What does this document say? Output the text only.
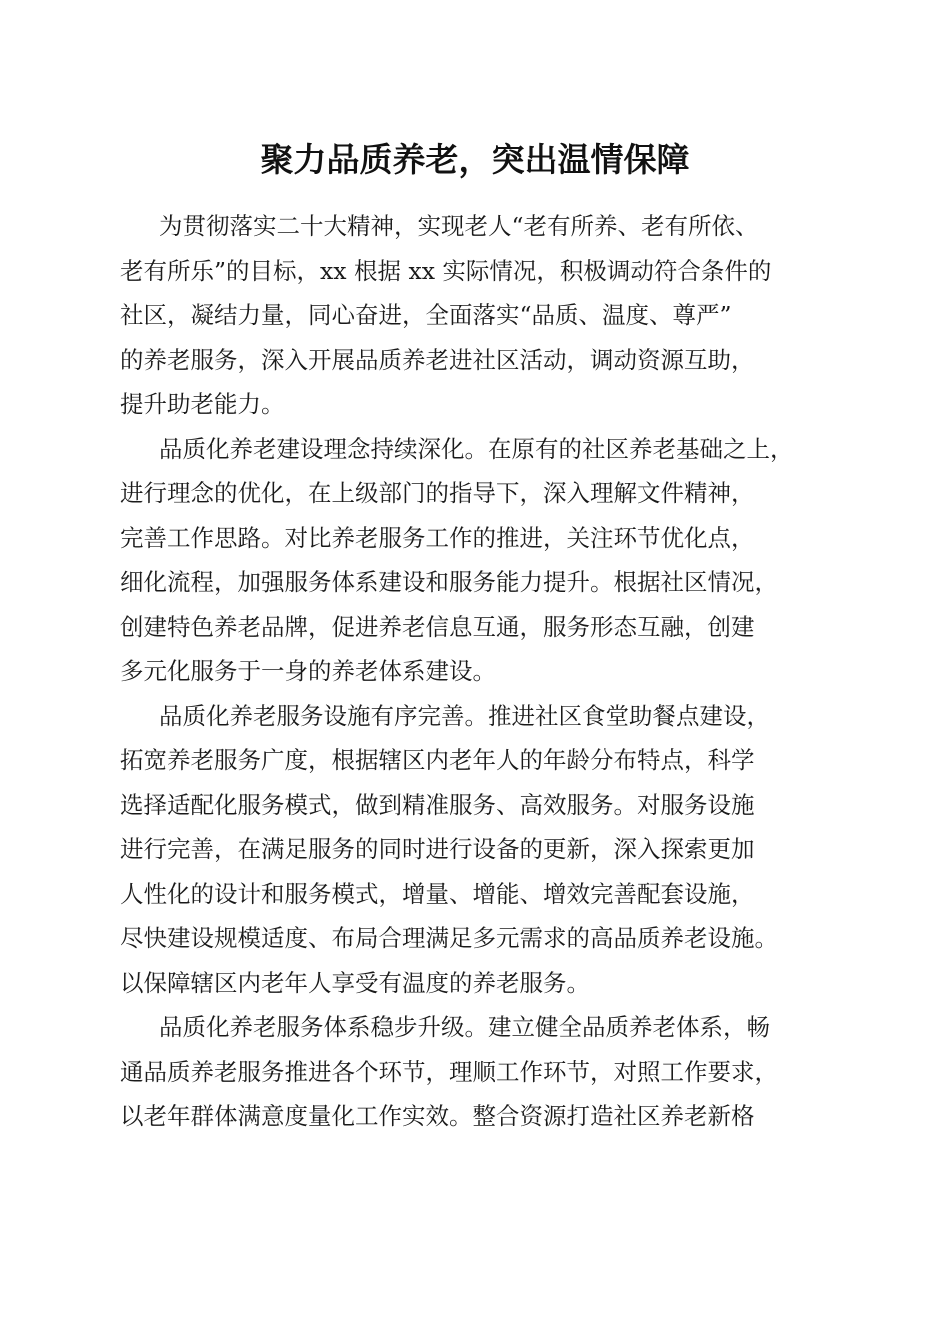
聚力品质养老，突出温情保障
为贯彻落实二十大精神，实现老人“老有所养、老有所依、
老有所乐”的目标，xx 根据 xx 实际情况，积极调动符合条件的
社区，凝结力量，同心奋进，全面落实“品质、温度、尊严”
的养老服务，深入开展品质养老进社区活动，调动资源互助，
提升助老能力。
品质化养老建设理念持续深化。在原有的社区养老基础之上，
进行理念的优化，在上级部门的指导下，深入理解文件精神，
完善工作思路。对比养老服务工作的推进，关注环节优化点，
细化流程，加强服务体系建设和服务能力提升。根据社区情况，
创建特色养老品牌，促进养老信息互通，服务形态互融，创建
多元化服务于一身的养老体系建设。
品质化养老服务设施有序完善。推进社区食堂助餐点建设，
拓宽养老服务广度，根据辖区内老年人的年龄分布特点，科学
选择适配化服务模式，做到精准服务、高效服务。对服务设施
进行完善，在满足服务的同时进行设备的更新，深入探索更加
人性化的设计和服务模式，增量、增能、增效完善配套设施，
尽快建设规模适度、布局合理满足多元需求的高品质养老设施。
以保障辖区内老年人享受有温度的养老服务。
品质化养老服务体系稳步升级。建立健全品质养老体系，畅
通品质养老服务推进各个环节，理顺工作环节，对照工作要求，
以老年群体满意度量化工作实效。整合资源打造社区养老新格
